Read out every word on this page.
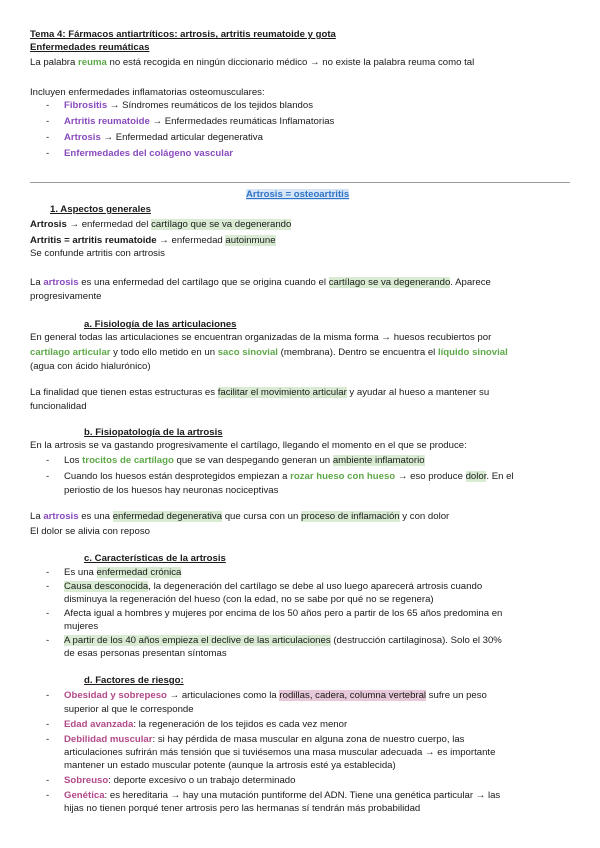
Tema 4: Fármacos antiartríticos: artrosis, artritis reumatoide y gota
Enfermedades reumáticas
La palabra reuma no está recogida en ningún diccionario médico → no existe la palabra reuma como tal
Incluyen enfermedades inflamatorias osteomusculares:
- Fibrositis → Síndromes reumáticos de los tejidos blandos
- Artritis reumatoide → Enfermedades reumáticas Inflamatorias
- Artrosis → Enfermedad articular degenerativa
- Enfermedades del colágeno vascular
Artrosis = osteoartritis
1. Aspectos generales
Artrosis → enfermedad del cartílago que se va degenerando
Artritis = artritis reumatoide → enfermedad autoinmune
Se confunde artritis con artrosis
La artrosis es una enfermedad del cartílago que se origina cuando el cartílago se va degenerando. Aparece
progresivamente
a. Fisiología de las articulaciones
En general todas las articulaciones se encuentran organizadas de la misma forma → huesos recubiertos por
cartílago articular y todo ello metido en un saco sinovial (membrana). Dentro se encuentra el líquido sinovial
(agua con ácido hialurónico)
La finalidad que tienen estas estructuras es facilitar el movimiento articular y ayudar al hueso a mantener su
funcionalidad
b. Fisiopatología de la artrosis
En la artrosis se va gastando progresivamente el cartílago, llegando el momento en el que se produce:
- Los trocitos de cartílago que se van despegando generan un ambiente inflamatorio
- Cuando los huesos están desprotegidos empiezan a rozar hueso con hueso → eso produce dolor. En el
periostio de los huesos hay neuronas nociceptivas
La artrosis es una enfermedad degenerativa que cursa con un proceso de inflamación y con dolor
El dolor se alivia con reposo
c. Características de la artrosis
- Es una enfermedad crónica
- Causa desconocida, la degeneración del cartílago se debe al uso luego aparecerá artrosis cuando
disminuya la regeneración del hueso (con la edad, no se sabe por qué no se regenera)
- Afecta igual a hombres y mujeres por encima de los 50 años pero a partir de los 65 años predomina en
mujeres
- A partir de los 40 años empieza el declive de las articulaciones (destrucción cartilaginosa). Solo el 30%
de esas personas presentan síntomas
d. Factores de riesgo:
- Obesidad y sobrepeso → articulaciones como la rodillas, cadera, columna vertebral sufre un peso
superior al que le corresponde
- Edad avanzada: la regeneración de los tejidos es cada vez menor
- Debilidad muscular: si hay pérdida de masa muscular en alguna zona de nuestro cuerpo, las
articulaciones sufrirán más tensión que si tuviésemos una masa muscular adecuada → es importante
mantener un estado muscular potente (aunque la artrosis esté ya establecida)
- Sobreuso: deporte excesivo o un trabajo determinado
- Genética: es hereditaria → hay una mutación puntiforme del ADN. Tiene una genética particular → las
hijas no tienen porqué tener artrosis pero las hermanas sí tendrán más probabilidad
